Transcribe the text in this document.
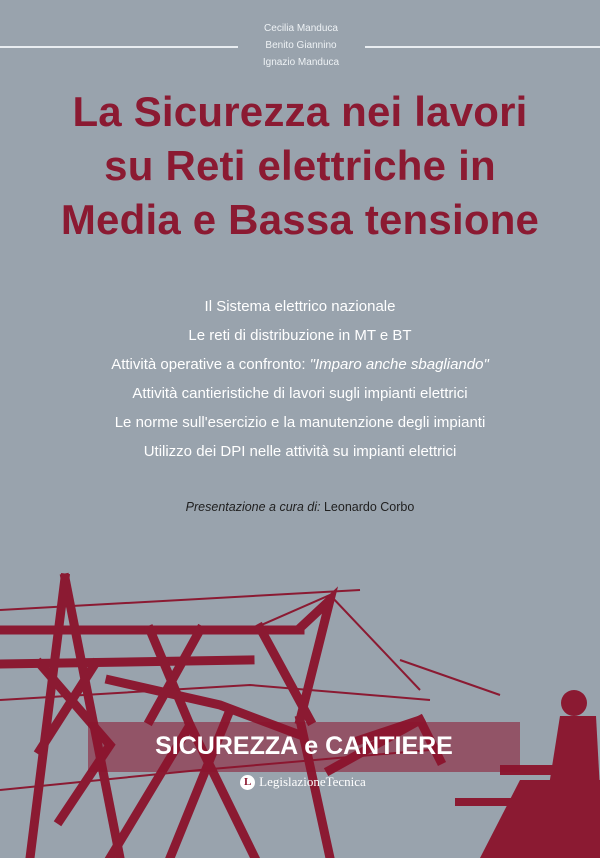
Cecilia Manduca
Benito Giannino
Ignazio Manduca
La Sicurezza nei lavori
su Reti elettriche in
Media e Bassa tensione
Il Sistema elettrico nazionale
Le reti di distribuzione in MT e BT
Attività operative a confronto: "Imparo anche sbagliando"
Attività cantieristiche di lavori sugli impianti elettrici
Le norme sull'esercizio e la manutenzione degli impianti
Utilizzo dei DPI nelle attività su impianti elettrici
Presentazione a cura di: Leonardo Corbo
SICUREZZA e CANTIERE
L LegislazioneTecnica
